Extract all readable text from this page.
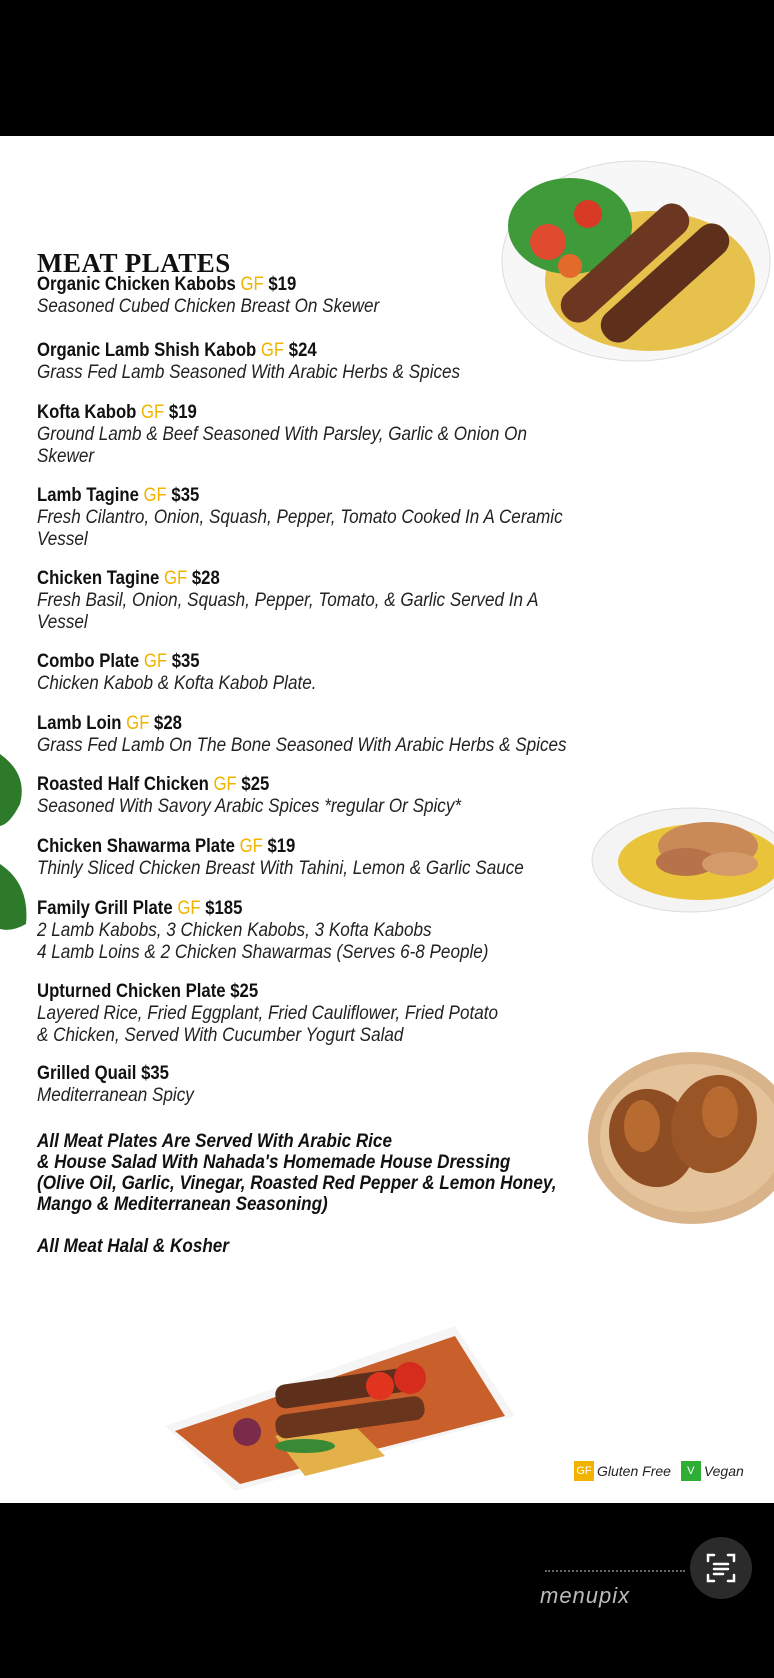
MEAT PLATES
Organic Chicken Kabobs GF $19
Seasoned Cubed Chicken Breast On Skewer
Organic Lamb Shish Kabob GF $24
Grass Fed Lamb Seasoned With Arabic Herbs & Spices
Kofta Kabob GF $19
Ground Lamb & Beef Seasoned With Parsley, Garlic & Onion On
Skewer
Lamb Tagine GF $35
Fresh Cilantro, Onion, Squash, Pepper, Tomato Cooked In A Ceramic
Vessel
Chicken Tagine GF $28
Fresh Basil, Onion, Squash, Pepper, Tomato, & Garlic Served In A
Vessel
Combo Plate GF $35
Chicken Kabob & Kofta Kabob Plate.
Lamb Loin GF $28
Grass Fed Lamb On The Bone Seasoned With Arabic Herbs & Spices
Roasted Half Chicken GF $25
Seasoned With Savory Arabic Spices *regular Or Spicy*
Chicken Shawarma Plate GF $19
Thinly Sliced Chicken Breast With Tahini, Lemon & Garlic Sauce
Family Grill Plate GF $185
2 Lamb Kabobs, 3 Chicken Kabobs, 3 Kofta Kabobs
4 Lamb Loins & 2 Chicken Shawarmas (Serves 6-8 People)
Upturned Chicken Plate $25
Layered Rice, Fried Eggplant, Fried Cauliflower, Fried Potato
& Chicken, Served With Cucumber Yogurt Salad
Grilled Quail $35
Mediterranean Spicy
All Meat Plates Are Served With Arabic Rice
& House Salad With Nahada's Homemade House Dressing
(Olive Oil, Garlic, Vinegar, Roasted Red Pepper & Lemon Honey,
Mango & Mediterranean Seasoning)
All Meat Halal & Kosher
GF Gluten Free V Vegan
menupix
